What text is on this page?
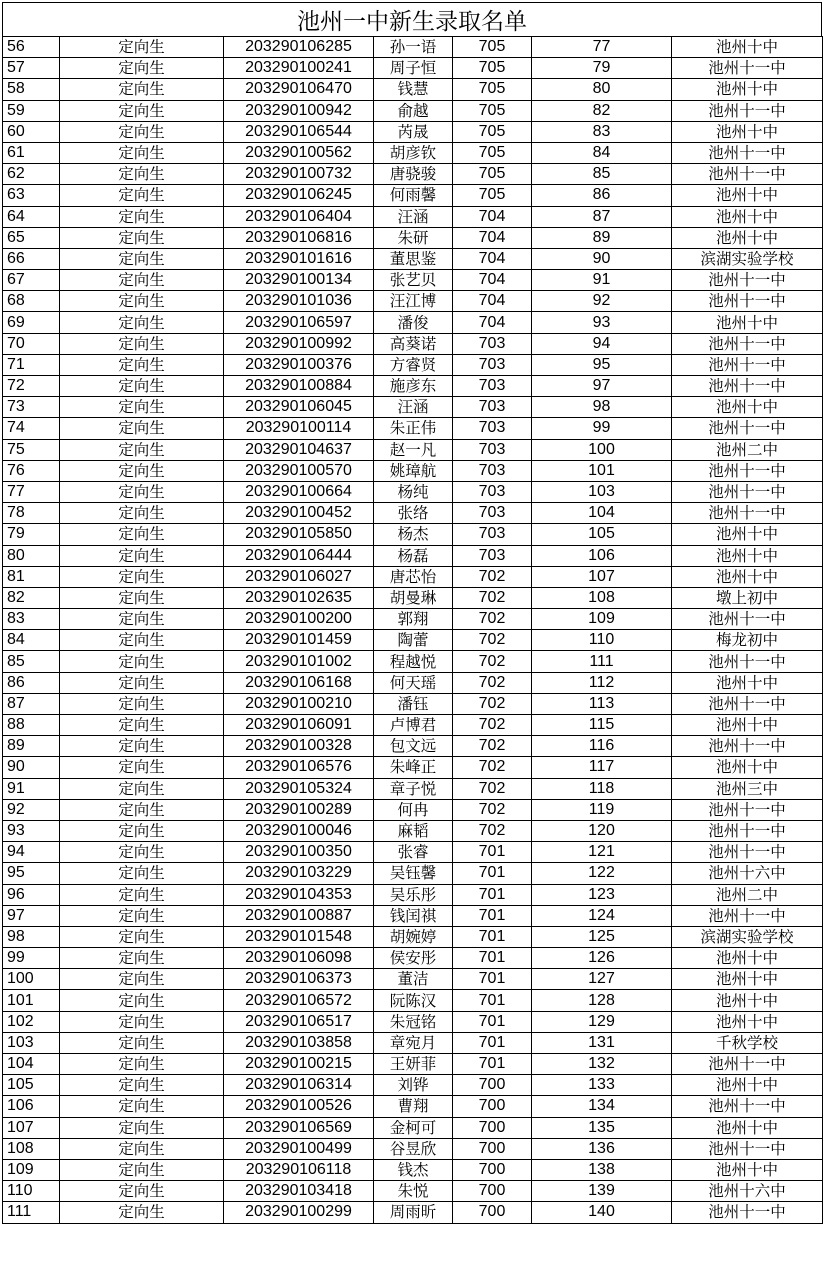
池州一中新生录取名单
56	定向生	203290106285	孙一语	705	77	池州十中
57	定向生	203290100241	周子恒	705	79	池州十一中
58	定向生	203290106470	钱慧	705	80	池州十中
59	定向生	203290100942	俞越	705	82	池州十一中
60	定向生	203290106544	芮晟	705	83	池州十中
61	定向生	203290100562	胡彦钦	705	84	池州十一中
62	定向生	203290100732	唐骁骏	705	85	池州十一中
63	定向生	203290106245	何雨馨	705	86	池州十中
64	定向生	203290106404	汪涵	704	87	池州十中
65	定向生	203290106816	朱研	704	89	池州十中
66	定向生	203290101616	董思鉴	704	90	滨湖实验学校
67	定向生	203290100134	张艺贝	704	91	池州十一中
68	定向生	203290101036	汪江博	704	92	池州十一中
69	定向生	203290106597	潘俊	704	93	池州十中
70	定向生	203290100992	高葵诺	703	94	池州十一中
71	定向生	203290100376	方睿贤	703	95	池州十一中
72	定向生	203290100884	施彦东	703	97	池州十一中
73	定向生	203290106045	汪涵	703	98	池州十中
74	定向生	203290100114	朱正伟	703	99	池州十一中
75	定向生	203290104637	赵一凡	703	100	池州二中
76	定向生	203290100570	姚璋航	703	101	池州十一中
77	定向生	203290100664	杨纯	703	103	池州十一中
78	定向生	203290100452	张络	703	104	池州十一中
79	定向生	203290105850	杨杰	703	105	池州十中
80	定向生	203290106444	杨磊	703	106	池州十中
81	定向生	203290106027	唐芯怡	702	107	池州十中
82	定向生	203290102635	胡曼琳	702	108	墩上初中
83	定向生	203290100200	郭翔	702	109	池州十一中
84	定向生	203290101459	陶蕾	702	110	梅龙初中
85	定向生	203290101002	程越悦	702	111	池州十一中
86	定向生	203290106168	何天瑶	702	112	池州十中
87	定向生	203290100210	潘钰	702	113	池州十一中
88	定向生	203290106091	卢博君	702	115	池州十中
89	定向生	203290100328	包文远	702	116	池州十一中
90	定向生	203290106576	朱峰正	702	117	池州十中
91	定向生	203290105324	章子悦	702	118	池州三中
92	定向生	203290100289	何冉	702	119	池州十一中
93	定向生	203290100046	麻韬	702	120	池州十一中
94	定向生	203290100350	张睿	701	121	池州十一中
95	定向生	203290103229	吴钰馨	701	122	池州十六中
96	定向生	203290104353	吴乐彤	701	123	池州二中
97	定向生	203290100887	钱闰祺	701	124	池州十一中
98	定向生	203290101548	胡婉婷	701	125	滨湖实验学校
99	定向生	203290106098	侯安彤	701	126	池州十中
100	定向生	203290106373	董洁	701	127	池州十中
101	定向生	203290106572	阮陈汉	701	128	池州十中
102	定向生	203290106517	朱冠铭	701	129	池州十中
103	定向生	203290103858	章宛月	701	131	千秋学校
104	定向生	203290100215	王妍菲	701	132	池州十一中
105	定向生	203290106314	刘铧	700	133	池州十中
106	定向生	203290100526	曹翔	700	134	池州十一中
107	定向生	203290106569	金柯可	700	135	池州十中
108	定向生	203290100499	谷昱欣	700	136	池州十一中
109	定向生	203290106118	钱杰	700	138	池州十中
110	定向生	203290103418	朱悦	700	139	池州十六中
111	定向生	203290100299	周雨昕	700	140	池州十一中
